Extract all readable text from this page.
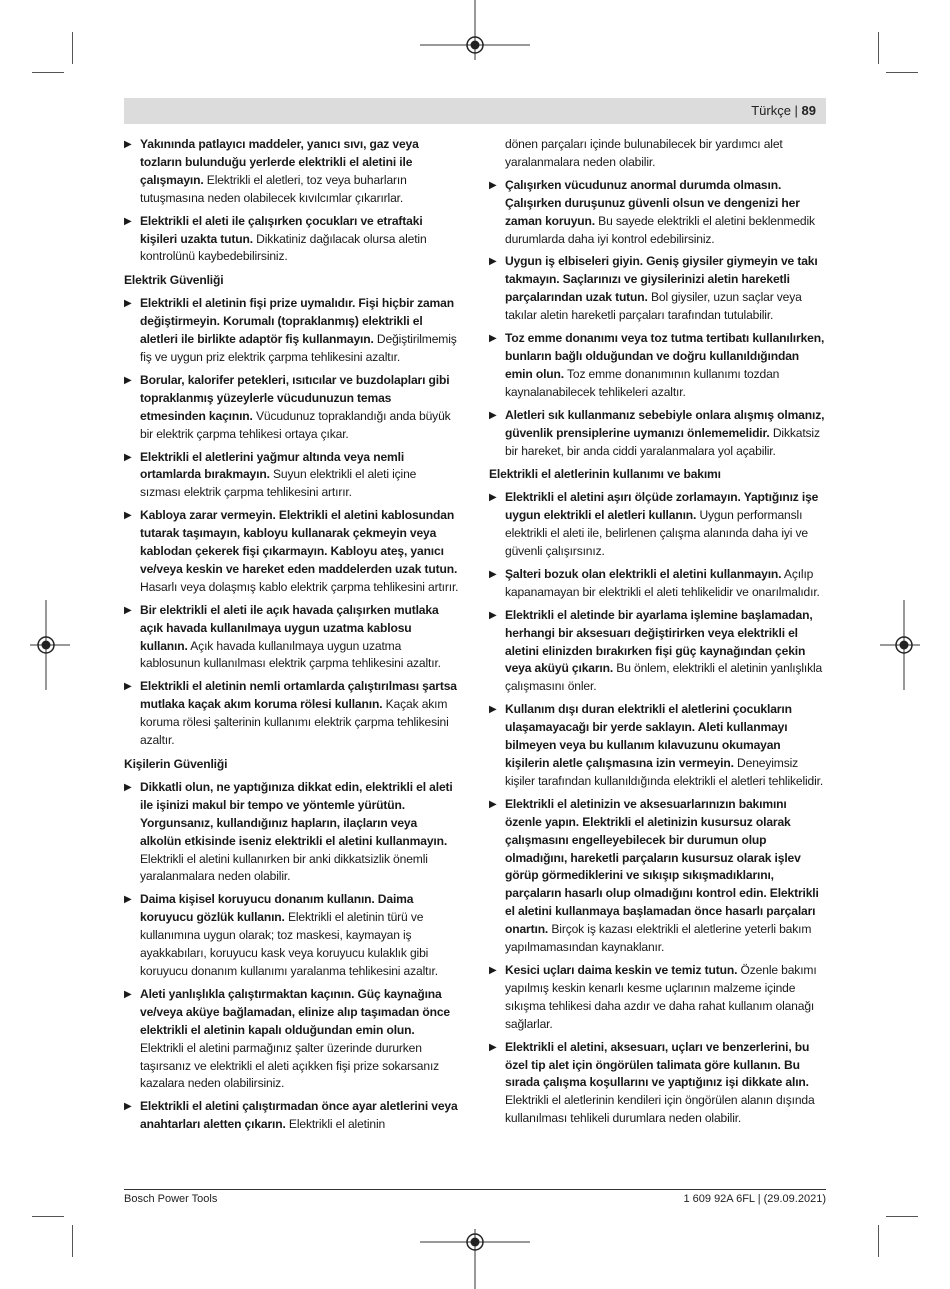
Türkçe | 89
▶ Yakınında patlayıcı maddeler, yanıcı sıvı, gaz veya tozların bulunduğu yerlerde elektrikli el aletini ile çalışmayın. Elektrikli el aletleri, toz veya buharların tutuşmasına neden olabilecek kıvılcımlar çıkarırlar.
▶ Elektrikli el aleti ile çalışırken çocukları ve etraftaki kişileri uzakta tutun. Dikkatiniz dağılacak olursa aletin kontrolünü kaybedebilirsiniz.
Elektrik Güvenliği
▶ Elektrikli el aletinin fişi prize uymalıdır. Fişi hiçbir zaman değiştirmeyin. Korumalı (topraklanmış) elektrikli el aletleri ile birlikte adaptör fiş kullanmayın. Değiştirilmemiş fiş ve uygun priz elektrik çarpma tehlikesini azaltır.
▶ Borular, kalorifer petekleri, ısıtıcılar ve buzdolapları gibi topraklanmış yüzeylerle vücudunuzun temas etmesinden kaçının. Vücudunuz topraklandığı anda büyük bir elektrik çarpma tehlikesi ortaya çıkar.
▶ Elektrikli el aletlerini yağmur altında veya nemli ortamlarda bırakmayın. Suyun elektrikli el aleti içine sızması elektrik çarpma tehlikesini artırır.
▶ Kabloya zarar vermeyin. Elektrikli el aletini kablosundan tutarak taşımayın, kabloyu kullanarak çekmeyin veya kablodan çekerek fişi çıkarmayın. Kabloyu ateş, yanıcı ve/veya keskin ve hareket eden maddelerden uzak tutun. Hasarlı veya dolaşmış kablo elektrik çarpma tehlikesini artırır.
▶ Bir elektrikli el aleti ile açık havada çalışırken mutlaka açık havada kullanılmaya uygun uzatma kablosu kullanın. Açık havada kullanılmaya uygun uzatma kablosunun kullanılması elektrik çarpma tehlikesini azaltır.
▶ Elektrikli el aletinin nemli ortamlarda çalıştırılması şartsa mutlaka kaçak akım koruma rölesi kullanın. Kaçak akım koruma rölesi şalterinin kullanımı elektrik çarpma tehlikesini azaltır.
Kişilerin Güvenliği
▶ Dikkatli olun, ne yaptığınıza dikkat edin, elektrikli el aleti ile işinizi makul bir tempo ve yöntemle yürütün. Yorgunsanız, kullandığınız hapların, ilaçların veya alkolün etkisinde iseniz elektrikli el aletini kullanmayın. Elektrikli el aletini kullanırken bir anki dikkatsizlik önemli yaralanmalara neden olabilir.
▶ Daima kişisel koruyucu donanım kullanın. Daima koruyucu gözlük kullanın. Elektrikli el aletinin türü ve kullanımına uygun olarak; toz maskesi, kaymayan iş ayakkabıları, koruyucu kask veya koruyucu kulaklık gibi koruyucu donanım kullanımı yaralanma tehlikesini azaltır.
▶ Aleti yanlışlıkla çalıştırmaktan kaçının. Güç kaynağına ve/veya aküye bağlamadan, elinize alıp taşımadan önce elektrikli el aletinin kapalı olduğundan emin olun. Elektrikli el aletini parmağınız şalter üzerinde dururken taşırsanız ve elektrikli el aleti açıkken fişi prize sokarsanız kazalara neden olabilirsiniz.
▶ Elektrikli el aletini çalıştırmadan önce ayar aletlerini veya anahtarları aletten çıkarın. Elektrikli el aletinin
dönen parçaları içinde bulunabilecek bir yardımcı alet yaralanmalara neden olabilir.
▶ Çalışırken vücudunuz anormal durumda olmasın. Çalışırken duruşunuz güvenli olsun ve dengenizi her zaman koruyun. Bu sayede elektrikli el aletini beklenmedik durumlarda daha iyi kontrol edebilirsiniz.
▶ Uygun iş elbiseleri giyin. Geniş giysiler giymeyin ve takı takmayın. Saçlarınızı ve giysilerinizi aletin hareketli parçalarından uzak tutun. Bol giysiler, uzun saçlar veya takılar aletin hareketli parçaları tarafından tutulabilir.
▶ Toz emme donanımı veya toz tutma tertibatı kullanılırken, bunların bağlı olduğundan ve doğru kullanıldığından emin olun. Toz emme donanımının kullanımı tozdan kaynalanabilecek tehlikeleri azaltır.
▶ Aletleri sık kullanmanız sebebiyle onlara alışmış olmanız, güvenlik prensiplerine uymanızı önlememelidir. Dikkatsiz bir hareket, bir anda ciddi yaralanmalara yol açabilir.
Elektrikli el aletlerinin kullanımı ve bakımı
▶ Elektrikli el aletini aşırı ölçüde zorlamayın. Yaptığınız işe uygun elektrikli el aletleri kullanın. Uygun performanslı elektrikli el aleti ile, belirlenen çalışma alanında daha iyi ve güvenli çalışırsınız.
▶ Şalteri bozuk olan elektrikli el aletini kullanmayın. Açılıp kapanamayan bir elektrikli el aleti tehlikelidir ve onarılmalıdır.
▶ Elektrikli el aletinde bir ayarlama işlemine başlamadan, herhangi bir aksesuarı değiştirirken veya elektrikli el aletini elinizden bırakırken fişi güç kaynağından çekin veya aküyü çıkarın. Bu önlem, elektrikli el aletinin yanlışlıkla çalışmasını önler.
▶ Kullanım dışı duran elektrikli el aletlerini çocukların ulaşamayacağı bir yerde saklayın. Aleti kullanmayı bilmeyen veya bu kullanım kılavuzunu okumayan kişilerin aletle çalışmasına izin vermeyin. Deneyimsiz kişiler tarafından kullanıldığında elektrikli el aletleri tehlikelidir.
▶ Elektrikli el aletinizin ve aksesuarlarınızın bakımını özenle yapın. Elektrikli el aletinizin kusursuz olarak çalışmasını engelleyebilecek bir durumun olup olmadığını, hareketli parçaların kusursuz olarak işlev görüp görmediklerini ve sıkışıp sıkışmadıklarını, parçaların hasarlı olup olmadığını kontrol edin. Elektrikli el aletini kullanmaya başlamadan önce hasarlı parçaları onartın. Birçok iş kazası elektrikli el aletlerine yeterli bakım yapılmamasından kaynaklanır.
▶ Kesici uçları daima keskin ve temiz tutun. Özenle bakımı yapılmış keskin kenarlı kesme uçlarının malzeme içinde sıkışma tehlikesi daha azdır ve daha rahat kullanım olanağı sağlarlar.
▶ Elektrikli el aletini, aksesuarı, uçları ve benzerlerini, bu özel tip alet için öngörülen talimata göre kullanın. Bu sırada çalışma koşullarını ve yaptığınız işi dikkate alın. Elektrikli el aletlerinin kendileri için öngörülen alanın dışında kullanılması tehlikeli durumlara neden olabilir.
Bosch Power Tools	1 609 92A 6FL | (29.09.2021)
